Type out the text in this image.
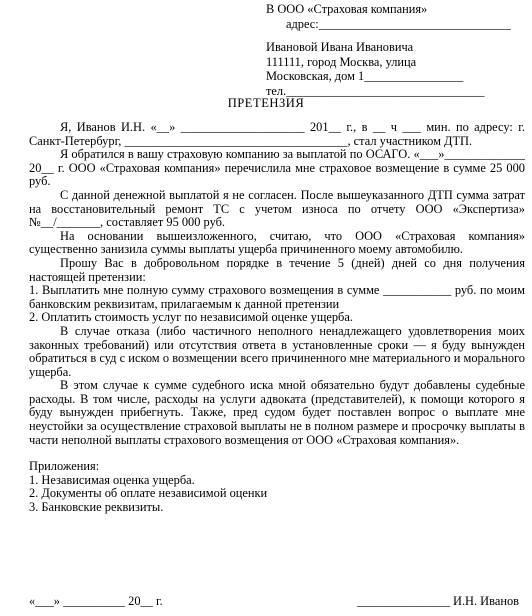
В ООО «Страховая компания»
адрес:_______________________________
Ивановой Ивана Ивановича
111111, город Москва, улица
Московская, дом 1________________
тел.________________________________
ПРЕТЕНЗИЯ

Я, Иванов И.Н. «__» ____________________ 201__ г., в __ ч ___ мин. по адресу: г. Санкт-Петербург, ____________________________________, стал участником ДТП.

Я обратился в вашу страховую компанию за выплатой по ОСАГО. «___»_____________ 20__ г. ООО «Страховая компания» перечислила мне страховое возмещение в сумме 25 000 руб.

С данной денежной выплатой я не согласен. После вышеуказанного ДТП сумма затрат на восстановительный ремонт ТС с учетом износа по отчету ООО «Экспертиза» №__/_______, составляет 95 000 руб.

На основании вышеизложенного, считаю, что ООО «Страховая компания» существенно занизила суммы выплаты ущерба причиненного моему автомобилю.

Прошу Вас в добровольном порядке в течение 5 (дней) дней со дня получения настоящей претензии:

1. Выплатить мне полную сумму страхового возмещения в сумме ___________ руб. по моим банковским реквизитам, прилагаемым к данной претензии

2. Оплатить стоимость услуг по независимой оценке ущерба.

В случае отказа (либо частичного неполного ненадлежащего удовлетворения моих законных требований) или отсутствия ответа в установленные сроки — я буду вынужден обратиться в суд с иском о возмещении всего причиненного мне материального и морального ущерба.

В этом случае к сумме судебного иска мной обязательно будут добавлены судебные расходы. В том числе, расходы на услуги адвоката (представителей), к помощи которого я буду вынужден прибегнуть. Также, пред судом будет поставлен вопрос о выплате мне неустойки за осуществление страховой выплаты не в полном размере и просрочку выплаты в части неполной выплаты страхового возмещения от ООО «Страховая компания».

Приложения:

1. Независимая оценка ущерба.

2. Документы об оплате независимой оценки

3. Банковские реквизиты.

«___» __________ 20__ г.	_______________ И.Н. Иванов
